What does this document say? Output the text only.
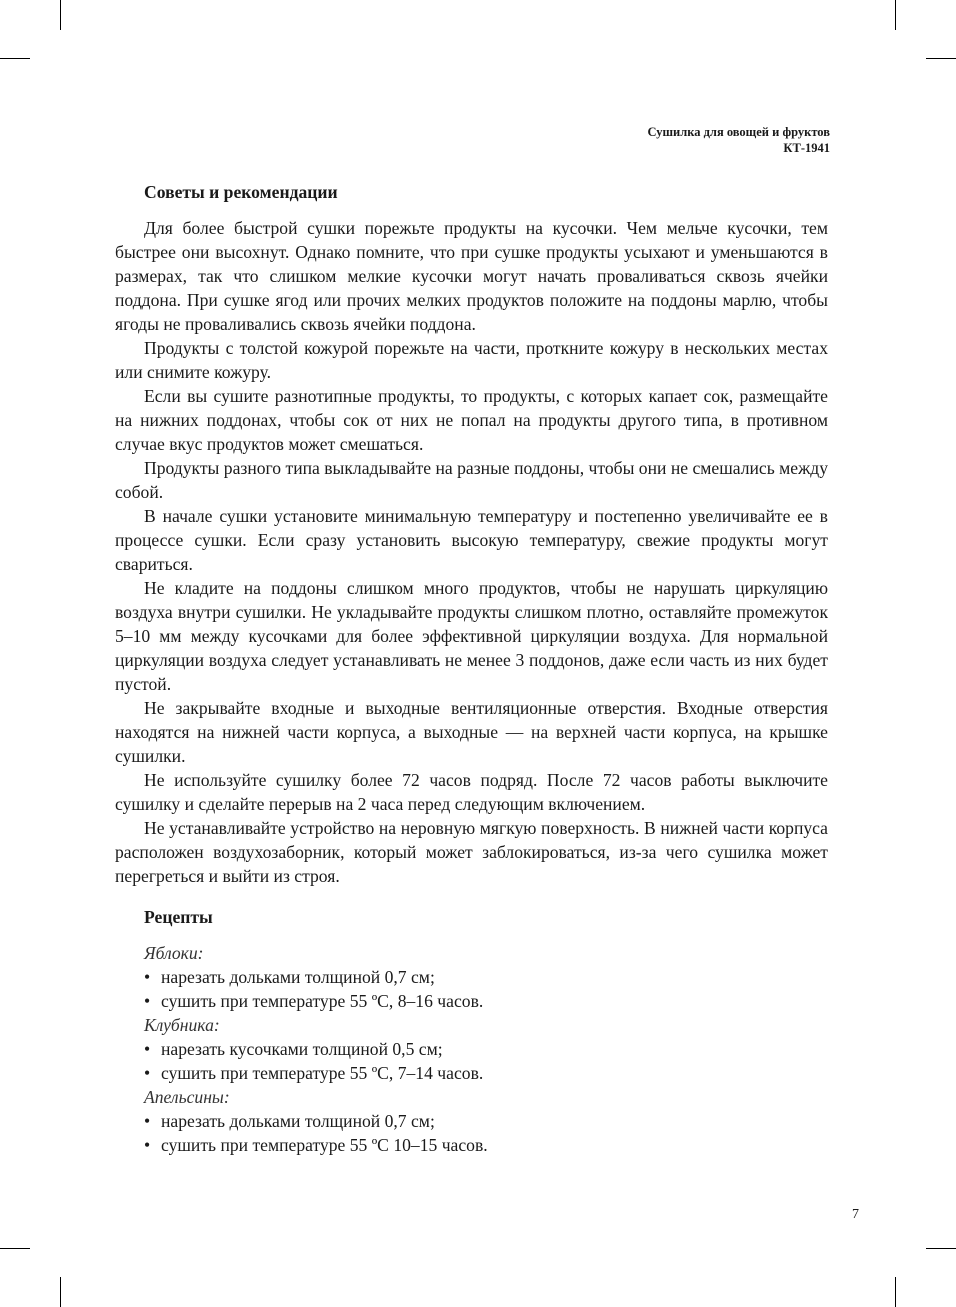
Сушилка для овощей и фруктов
КТ-1941
Советы и рекомендации

Для более быстрой сушки порежьте продукты на кусочки. Чем мельче кусочки, тем быстрее они высохнут. Однако помните, что при сушке продукты усыхают и уменьшаются в размерах, так что слишком мелкие кусочки могут начать проваливаться сквозь ячейки поддона. При сушке ягод или прочих мелких продуктов положите на поддоны марлю, чтобы ягоды не проваливались сквозь ячейки поддона.

Продукты с толстой кожурой порежьте на части, проткните кожуру в нескольких местах или снимите кожуру.

Если вы сушите разнотипные продукты, то продукты, с которых капает сок, размещайте на нижних поддонах, чтобы сок от них не попал на продукты другого типа, в противном случае вкус продуктов может смешаться.

Продукты разного типа выкладывайте на разные поддоны, чтобы они не смешались между собой.

В начале сушки установите минимальную температуру и постепенно увеличивайте ее в процессе сушки. Если сразу установить высокую температуру, свежие продукты могут свариться.

Не кладите на поддоны слишком много продуктов, чтобы не нарушать циркуляцию воздуха внутри сушилки. Не укладывайте продукты слишком плотно, оставляйте промежуток 5–10 мм между кусочками для более эффективной циркуляции воздуха. Для нормальной циркуляции воздуха следует устанавливать не менее 3 поддонов, даже если часть из них будет пустой.

Не закрывайте входные и выходные вентиляционные отверстия. Входные отверстия находятся на нижней части корпуса, а выходные — на верхней части корпуса, на крышке сушилки.

Не используйте сушилку более 72 часов подряд. После 72 часов работы выключите сушилку и сделайте перерыв на 2 часа перед следующим включением.

Не устанавливайте устройство на неровную мягкую поверхность. В нижней части корпуса расположен воздухозаборник, который может заблокироваться, из-за чего сушилка может перегреться и выйти из строя.

Рецепты
Яблоки:
• нарезать дольками толщиной 0,7 см;
• сушить при температуре 55 ºC, 8–16 часов.
Клубника:
• нарезать кусочками толщиной 0,5 см;
• сушить при температуре 55 ºC, 7–14 часов.
Апельсины:
• нарезать дольками толщиной 0,7 см;
• сушить при температуре 55 ºC 10–15 часов.
7
